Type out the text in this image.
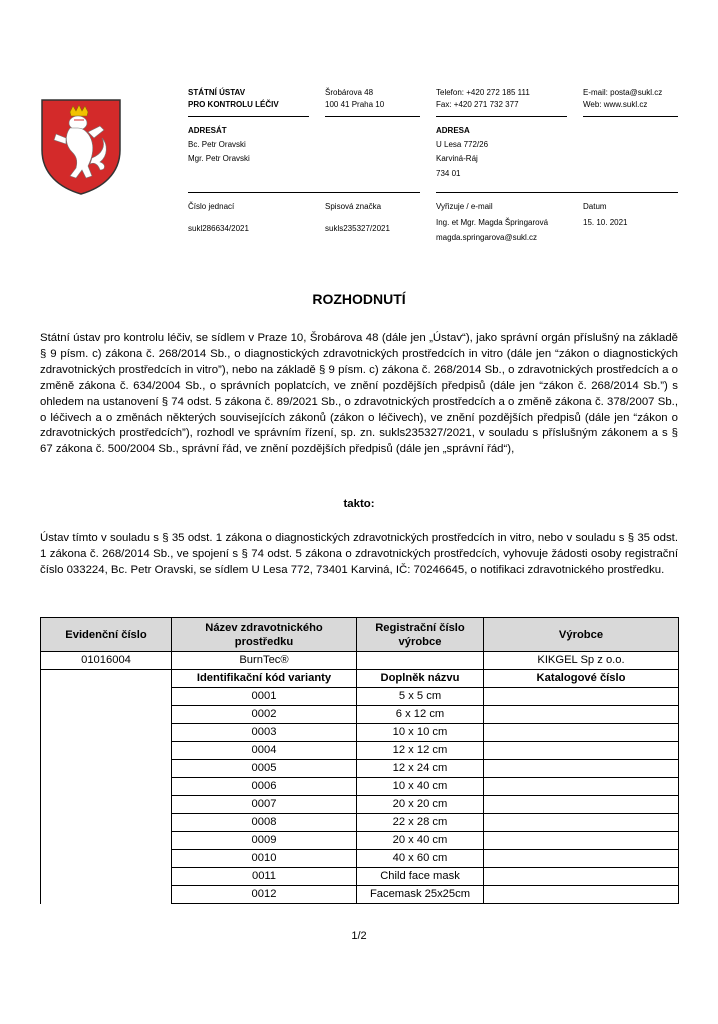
STÁTNÍ ÚSTAV
PRO KONTROLU LÉČIV
Šrobárova 48
100 41 Praha 10
Telefon: +420 272 185 111
Fax: +420 271 732 377
E-mail: posta@sukl.cz
Web: www.sukl.cz
ADRESÁT
Bc. Petr Oravski
Mgr. Petr Oravski
ADRESA
U Lesa 772/26
Karviná-Ráj
734 01
Číslo jednací
sukl286634/2021
Spisová značka
sukls235327/2021
Vyřizuje / e-mail
Ing. et Mgr. Magda Špringarová
magda.springarova@sukl.cz
Datum
15. 10. 2021
ROZHODNUTÍ
Státní ústav pro kontrolu léčiv, se sídlem v Praze 10, Šrobárova 48 (dále jen „Ústav“), jako správní orgán příslušný na základě § 9 písm. c) zákona č. 268/2014 Sb., o diagnostických zdravotnických prostředcích in vitro (dále jen “zákon o diagnostických zdravotnických prostředcích in vitro”), nebo na základě § 9 písm. c) zákona č. 268/2014 Sb., o zdravotnických prostředcích a o změně zákona č. 634/2004 Sb., o správních poplatcích, ve znění pozdějších předpisů (dále jen “zákon č. 268/2014 Sb.”) s ohledem na ustanovení § 74 odst. 5 zákona č. 89/2021 Sb., o zdravotnických prostředcích a o změně zákona č. 378/2007 Sb., o léčivech a o změnách některých souvisejících zákonů (zákon o léčivech), ve znění pozdějších předpisů (dále jen “zákon o zdravotnických prostředcích”), rozhodl ve správním řízení, sp. zn. sukls235327/2021, v souladu s příslušným zákonem a s § 67 zákona č. 500/2004 Sb., správní řád, ve znění pozdějších předpisů (dále jen „správní řád“),
takto:
Ústav tímto v souladu s § 35 odst. 1 zákona o diagnostických zdravotnických prostředcích in vitro, nebo v souladu s § 35 odst. 1 zákona č. 268/2014 Sb., ve spojení s § 74 odst. 5 zákona o zdravotnických prostředcích, vyhovuje žádosti osoby registrační číslo 033224, Bc. Petr Oravski, se sídlem U Lesa 772, 73401 Karviná, IČ: 70246645, o notifikaci zdravotnického prostředku.
Evidenční číslo	Název zdravotnického prostředku	Registrační číslo výrobce	Výrobce
01016004	BurnTec®		KIKGEL Sp z o.o.
	Identifikační kód varianty	Doplněk názvu	Katalogové číslo
	0001	5 x 5 cm	
	0002	6 x 12 cm	
	0003	10 x 10 cm	
	0004	12 x 12 cm	
	0005	12 x 24 cm	
	0006	10 x 40 cm	
	0007	20 x 20 cm	
	0008	22 x 28 cm	
	0009	20 x 40 cm	
	0010	40 x 60 cm	
	0011	Child face mask	
	0012	Facemask 25x25cm	
1/2
